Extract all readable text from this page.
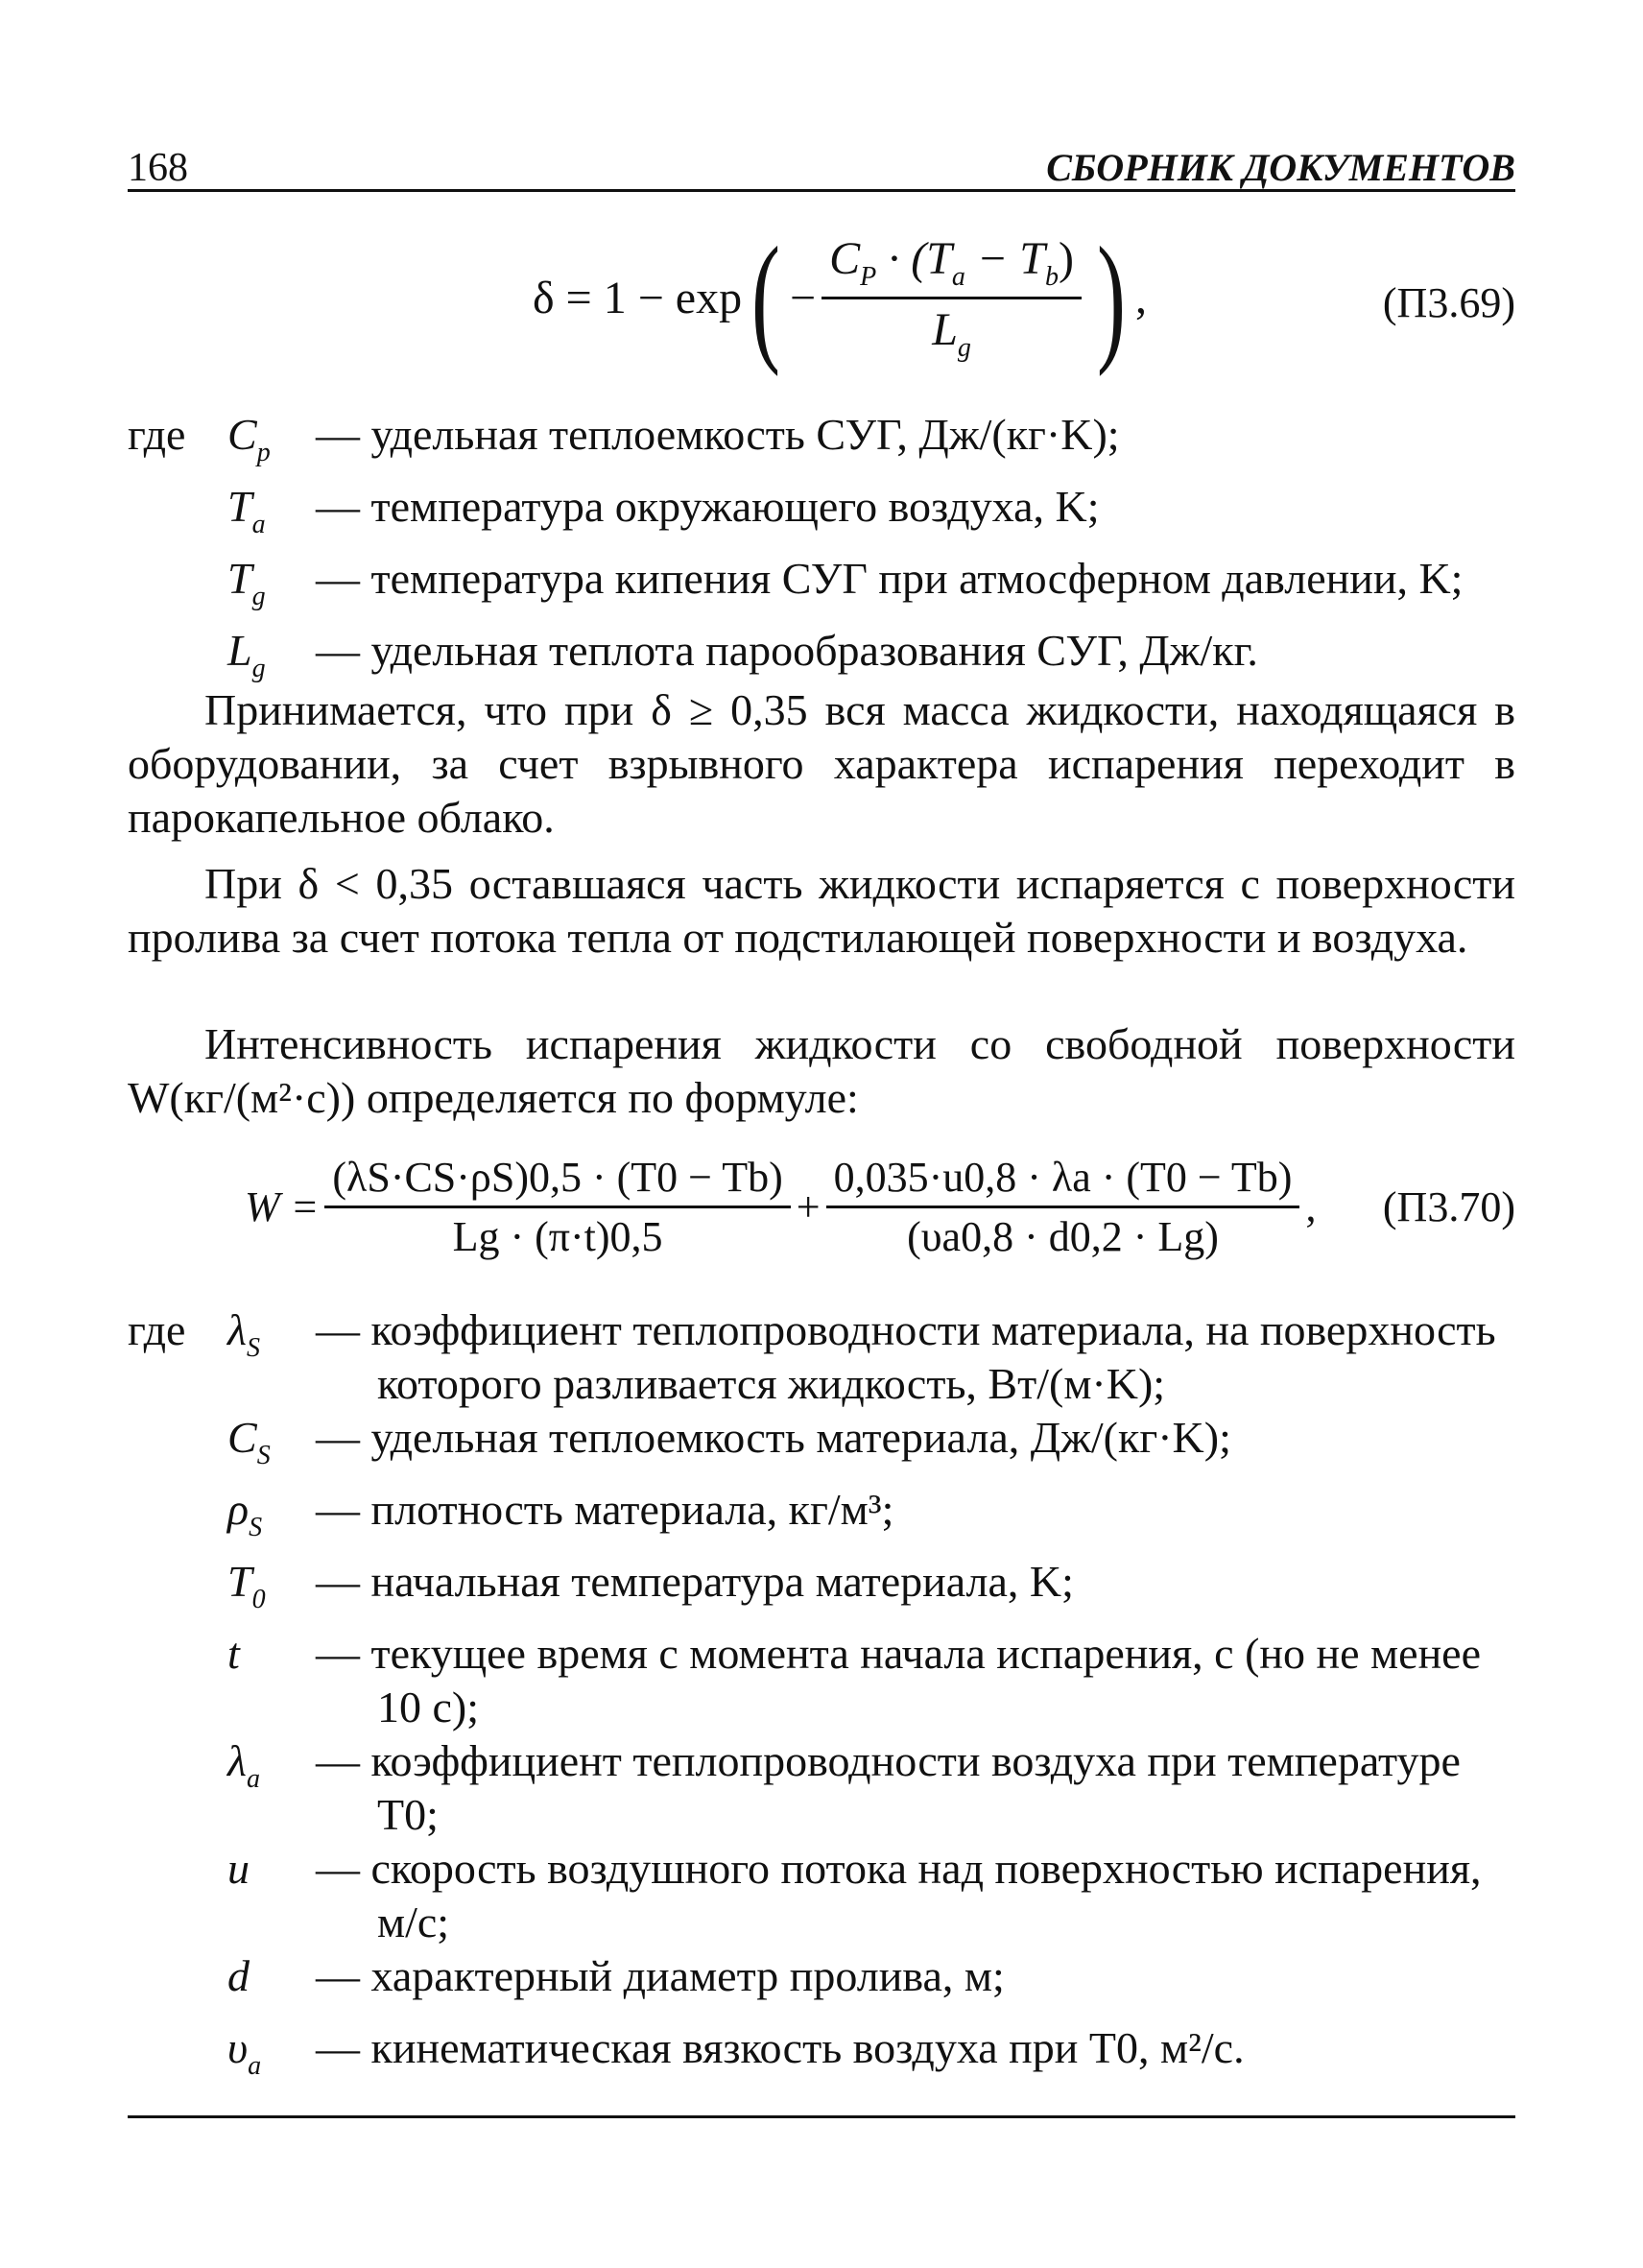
168	СБОРНИК ДОКУМЕНТОВ
δ = 1 − exp ( − $\frac{C_P \cdot (T_a - T_b)}{L_g}$ ) ,	(П3.69)
где $C_p$	— удельная теплоемкость СУГ, Дж/(кг·K);
$T_a$	— температура окружающего воздуха, K;
$T_g$	— температура кипения СУГ при атмосферном давлении, K;
$L_g$	— удельная теплота парообразования СУГ, Дж/кг.

Принимается, что при δ ≥ 0,35 вся масса жидкости, находящаяся в оборудовании, за счет взрывного характера испарения переходит в парокапельное облако.

При δ < 0,35 оставшаяся часть жидкости испаряется с поверхности пролива за счет потока тепла от подстилающей поверхности и воздуха.

Интенсивность испарения жидкости со свободной поверхности W(кг/(м²·с)) определяется по формуле:

$W = \frac{(\lambda S\cdot CS\cdot\rho S)0,5 \cdot (T0 - Tb)}{Lg \cdot (\pi\cdot t)0,5} + \frac{0,035\cdot u0,8 \cdot \lambda a \cdot (T0 - Tb)}{(\upsilon a0,8 \cdot d0,2 \cdot Lg)}$ , (П3.70)
где $\lambda_S$	— коэффициент теплопроводности материала, на поверхность которого разливается жидкость, Вт/(м·K);
$C_S$	— удельная теплоемкость материала, Дж/(кг·K);
$\rho_S$	— плотность материала, кг/м³;
$T_0$	— начальная температура материала, K;
t	— текущее время с момента начала испарения, с (но не менее 10 с);
$\lambda_a$	— коэффициент теплопроводности воздуха при температуре T0;
u	— скорость воздушного потока над поверхностью испарения, м/с;
d	— характерный диаметр пролива, м;
$\upsilon_a$	— кинематическая вязкость воздуха при T0, м²/с.
